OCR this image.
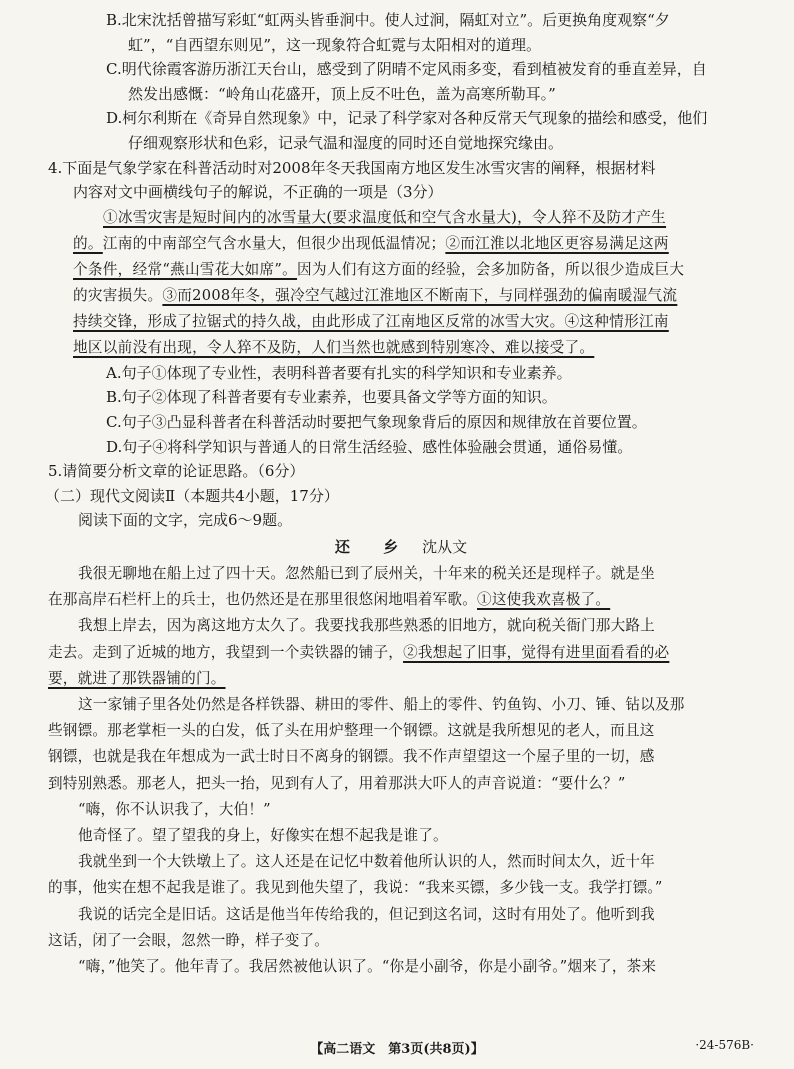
B.北宋沈括曾描写彩虹“虹两头皆垂涧中。使人过涧，隔虹对立”。后更换角度观察“夕

虹”，“自西望东则见”，这一现象符合虹霓与太阳相对的道理。

C.明代徐霞客游历浙江天台山，感受到了阴晴不定风雨多变，看到植被发育的垂直差异，自

然发出感慨：“岭角山花盛开，顶上反不吐色，盖为高寒所勒耳。”

D.柯尔利斯在《奇异自然现象》中，记录了科学家对各种反常天气现象的描绘和感受，他们

仔细观察形状和色彩，记录气温和湿度的同时还自觉地探究缘由。

4.下面是气象学家在科普活动时对2008年冬天我国南方地区发生冰雪灾害的阐释，根据材料

内容对文中画横线句子的解说，不正确的一项是（3分）

①冰雪灾害是短时间内的冰雪量大(要求温度低和空气含水量大)，令人猝不及防才产生

的。江南的中南部空气含水量大，但很少出现低温情况；②而江淮以北地区更容易满足这两

个条件，经常“燕山雪花大如席”。因为人们有这方面的经验，会多加防备，所以很少造成巨大

的灾害损失。③而2008年冬，强冷空气越过江淮地区不断南下，与同样强劲的偏南暖湿气流

持续交锋，形成了拉锯式的持久战，由此形成了江南地区反常的冰雪大灾。④这种情形江南

地区以前没有出现，令人猝不及防，人们当然也就感到特别寒冷、难以接受了。

A.句子①体现了专业性，表明科普者要有扎实的科学知识和专业素养。

B.句子②体现了科普者要有专业素养，也要具备文学等方面的知识。

C.句子③凸显科普者在科普活动时要把气象现象背后的原因和规律放在首要位置。

D.句子④将科学知识与普通人的日常生活经验、感性体验融会贯通，通俗易懂。

5.请简要分析文章的论证思路。（6分）

（二）现代文阅读Ⅱ（本题共4小题，17分）

阅读下面的文字，完成6～9题。

还 乡 沈从文

我很无聊地在船上过了四十天。忽然船已到了辰州关，十年来的税关还是现样子。就是坐

在那高岸石栏杆上的兵士，也仍然还是在那里很悠闲地唱着军歌。①这使我欢喜极了。

我想上岸去，因为离这地方太久了。我要找我那些熟悉的旧地方，就向税关衙门那大路上

走去。走到了近城的地方，我望到一个卖铁器的铺子，②我想起了旧事，觉得有进里面看看的必

要，就进了那铁器铺的门。

这一家铺子里各处仍然是各样铁器、耕田的零件、船上的零件、钓鱼钩、小刀、锤、钻以及那

些钢镖。那老掌柜一头的白发，低了头在用炉整理一个钢镖。这就是我所想见的老人，而且这

钢镖，也就是我在年想成为一武士时日不离身的钢镖。我不作声望望这一个屋子里的一切，感

到特别熟悉。那老人，把头一抬，见到有人了，用着那洪大吓人的声音说道：“要什么？”

“嗨，你不认识我了，大伯！”

他奇怪了。望了望我的身上，好像实在想不起我是谁了。

我就坐到一个大铁墩上了。这人还是在记忆中数着他所认识的人，然而时间太久，近十年

的事，他实在想不起我是谁了。我见到他失望了，我说：“我来买镖，多少钱一支。我学打镖。”

我说的话完全是旧话。这话是他当年传给我的，但记到这名词，这时有用处了。他听到我

这话，闭了一会眼，忽然一睁，样子变了。

“嗨，”他笑了。他年青了。我居然被他认识了。“你是小副爷，你是小副爷。”烟来了，茶来

【高二语文　第3页(共8页)】	·24-576B·
